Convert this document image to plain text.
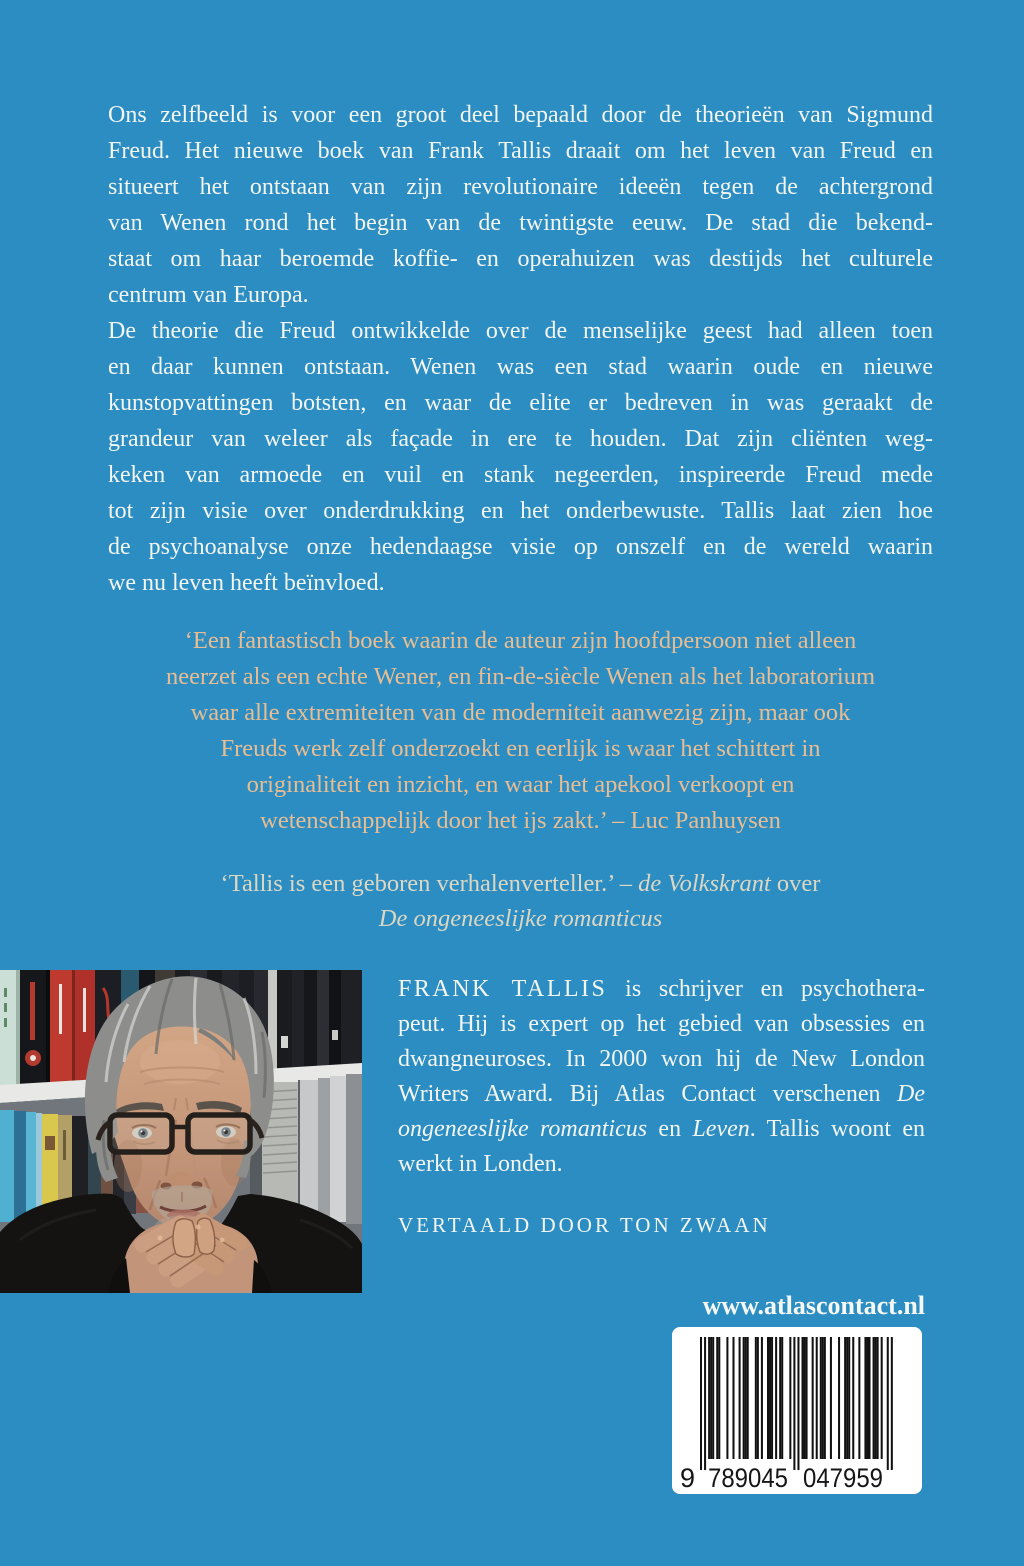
Ons zelfbeeld is voor een groot deel bepaald door de theorieën van Sigmund
Freud. Het nieuwe boek van Frank Tallis draait om het leven van Freud en
situeert het ontstaan van zijn revolutionaire ideeën tegen de achtergrond
van Wenen rond het begin van de twintigste eeuw. De stad die bekend-
staat om haar beroemde koffie- en operahuizen was destijds het culturele
centrum van Europa.
De theorie die Freud ontwikkelde over de menselijke geest had alleen toen
en daar kunnen ontstaan. Wenen was een stad waarin oude en nieuwe
kunstopvattingen botsten, en waar de elite er bedreven in was geraakt de
grandeur van weleer als façade in ere te houden. Dat zijn cliënten weg-
keken van armoede en vuil en stank negeerden, inspireerde Freud mede
tot zijn visie over onderdrukking en het onderbewuste. Tallis laat zien hoe
de psychoanalyse onze hedendaagse visie op onszelf en de wereld waarin
we nu leven heeft beïnvloed.
‘Een fantastisch boek waarin de auteur zijn hoofdpersoon niet alleen
neerzet als een echte Wener, en fin-de-siècle Wenen als het laboratorium
waar alle extremiteiten van de moderniteit aanwezig zijn, maar ook
Freuds werk zelf onderzoekt en eerlijk is waar het schittert in
originaliteit en inzicht, en waar het apekool verkoopt en
wetenschappelijk door het ijs zakt.’ – Luc Panhuysen
‘Tallis is een geboren verhalenverteller.’ – de Volkskrant over
De ongeneeslijke romanticus
FRANK TALLIS is schrijver en psychothera-
peut. Hij is expert op het gebied van obsessies en
dwangneuroses. In 2000 won hij de New London
Writers Award. Bij Atlas Contact verschenen De
ongeneeslijke romanticus en Leven. Tallis woont en
werkt in Londen.
VERTAALD DOOR TON ZWAAN
www.atlascontact.nl
9 789045 047959
